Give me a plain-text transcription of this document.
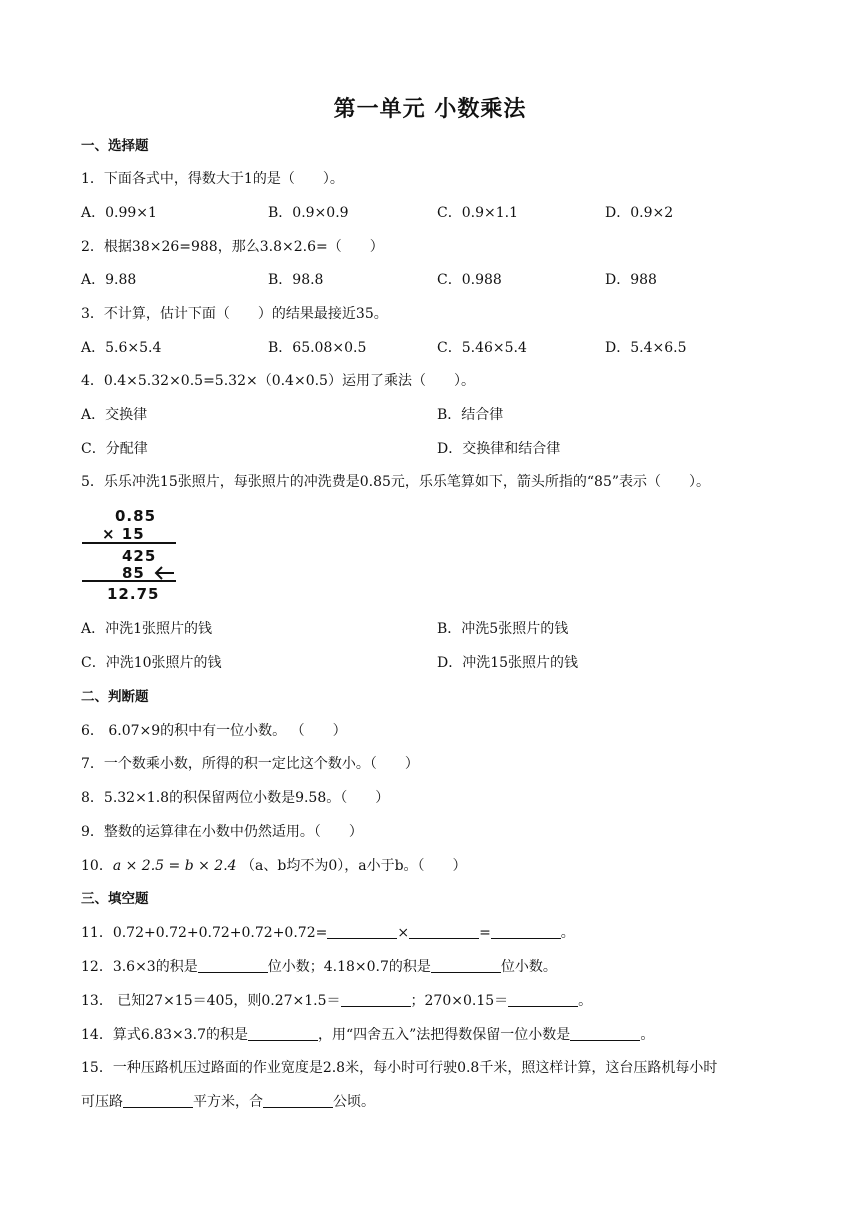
第一单元 小数乘法
一、选择题
1．下面各式中，得数大于1的是（　　）。
A．0.99×1	B．0.9×0.9	C．0.9×1.1	D．0.9×2
2．根据38×26=988，那么3.8×2.6=（　　）
A．9.88	B．98.8	C．0.988	D．988
3．不计算，估计下面（　　）的结果最接近35。
A．5.6×5.4	B．65.08×0.5	C．5.46×5.4	D．5.4×6.5
4．0.4×5.32×0.5=5.32×（0.4×0.5）运用了乘法（　　）。
A．交换律	B．结合律
C．分配律	D．交换律和结合律
5．乐乐冲洗15张照片，每张照片的冲洗费是0.85元，乐乐笔算如下，箭头所指的“85”表示（　　）。
0.85
× 15
425
85
12.75
A．冲洗1张照片的钱	B．冲洗5张照片的钱
C．冲洗10张照片的钱	D．冲洗15张照片的钱
二、判断题
6． 6.07×9的积中有一位小数。 （　　）
7．一个数乘小数，所得的积一定比这个数小。（　　）
8．5.32×1.8的积保留两位小数是9.58。（　　）
9．整数的运算律在小数中仍然适用。（　　）
10．a × 2.5 = b × 2.4 （a、b均不为0），a小于b。（　　）
三、填空题
11．0.72+0.72+0.72+0.72+0.72=	×	=	。
12．3.6×3的积是	位小数；4.18×0.7的积是	位小数。
13． 已知27×15＝405，则0.27×1.5＝	；270×0.15＝	。
14．算式6.83×3.7的积是	，用“四舍五入”法把得数保留一位小数是	。
15．一种压路机压过路面的作业宽度是2.8米，每小时可行驶0.8千米，照这样计算，这台压路机每小时
可压路	平方米，合	公顷。
